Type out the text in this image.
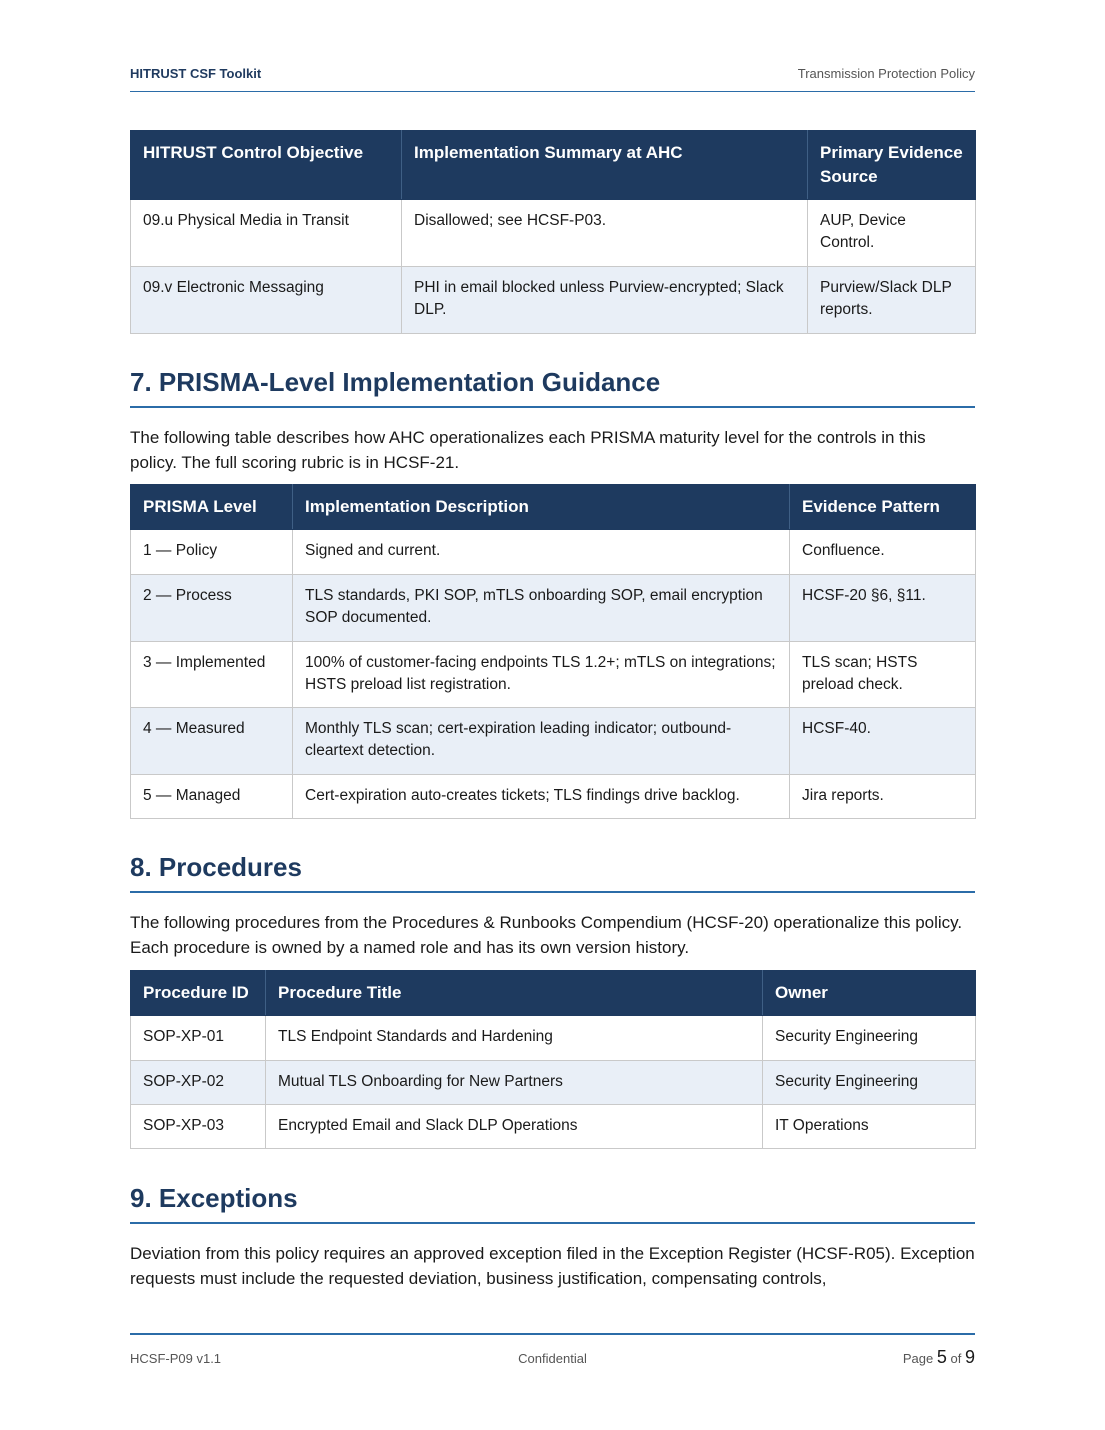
HITRUST CSF Toolkit	Transmission Protection Policy
HITRUST Control Objective	Implementation Summary at AHC	Primary Evidence Source
09.u Physical Media in Transit	Disallowed; see HCSF-P03.	AUP, Device Control.
09.v Electronic Messaging	PHI in email blocked unless Purview-encrypted; Slack DLP.	Purview/Slack DLP reports.
7. PRISMA-Level Implementation Guidance

The following table describes how AHC operationalizes each PRISMA maturity level for the controls in this policy. The full scoring rubric is in HCSF-21.

PRISMA Level	Implementation Description	Evidence Pattern
1 — Policy	Signed and current.	Confluence.
2 — Process	TLS standards, PKI SOP, mTLS onboarding SOP, email encryption SOP documented.	HCSF-20 §6, §11.
3 — Implemented	100% of customer-facing endpoints TLS 1.2+; mTLS on integrations; HSTS preload list registration.	TLS scan; HSTS preload check.
4 — Measured	Monthly TLS scan; cert-expiration leading indicator; outbound-cleartext detection.	HCSF-40.
5 — Managed	Cert-expiration auto-creates tickets; TLS findings drive backlog.	Jira reports.
8. Procedures

The following procedures from the Procedures & Runbooks Compendium (HCSF-20) operationalize this policy. Each procedure is owned by a named role and has its own version history.

Procedure ID	Procedure Title	Owner
SOP-XP-01	TLS Endpoint Standards and Hardening	Security Engineering
SOP-XP-02	Mutual TLS Onboarding for New Partners	Security Engineering
SOP-XP-03	Encrypted Email and Slack DLP Operations	IT Operations
9. Exceptions

Deviation from this policy requires an approved exception filed in the Exception Register (HCSF-R05). Exception requests must include the requested deviation, business justification, compensating controls,

HCSF-P09 v1.1	Confidential	Page 5 of 9
